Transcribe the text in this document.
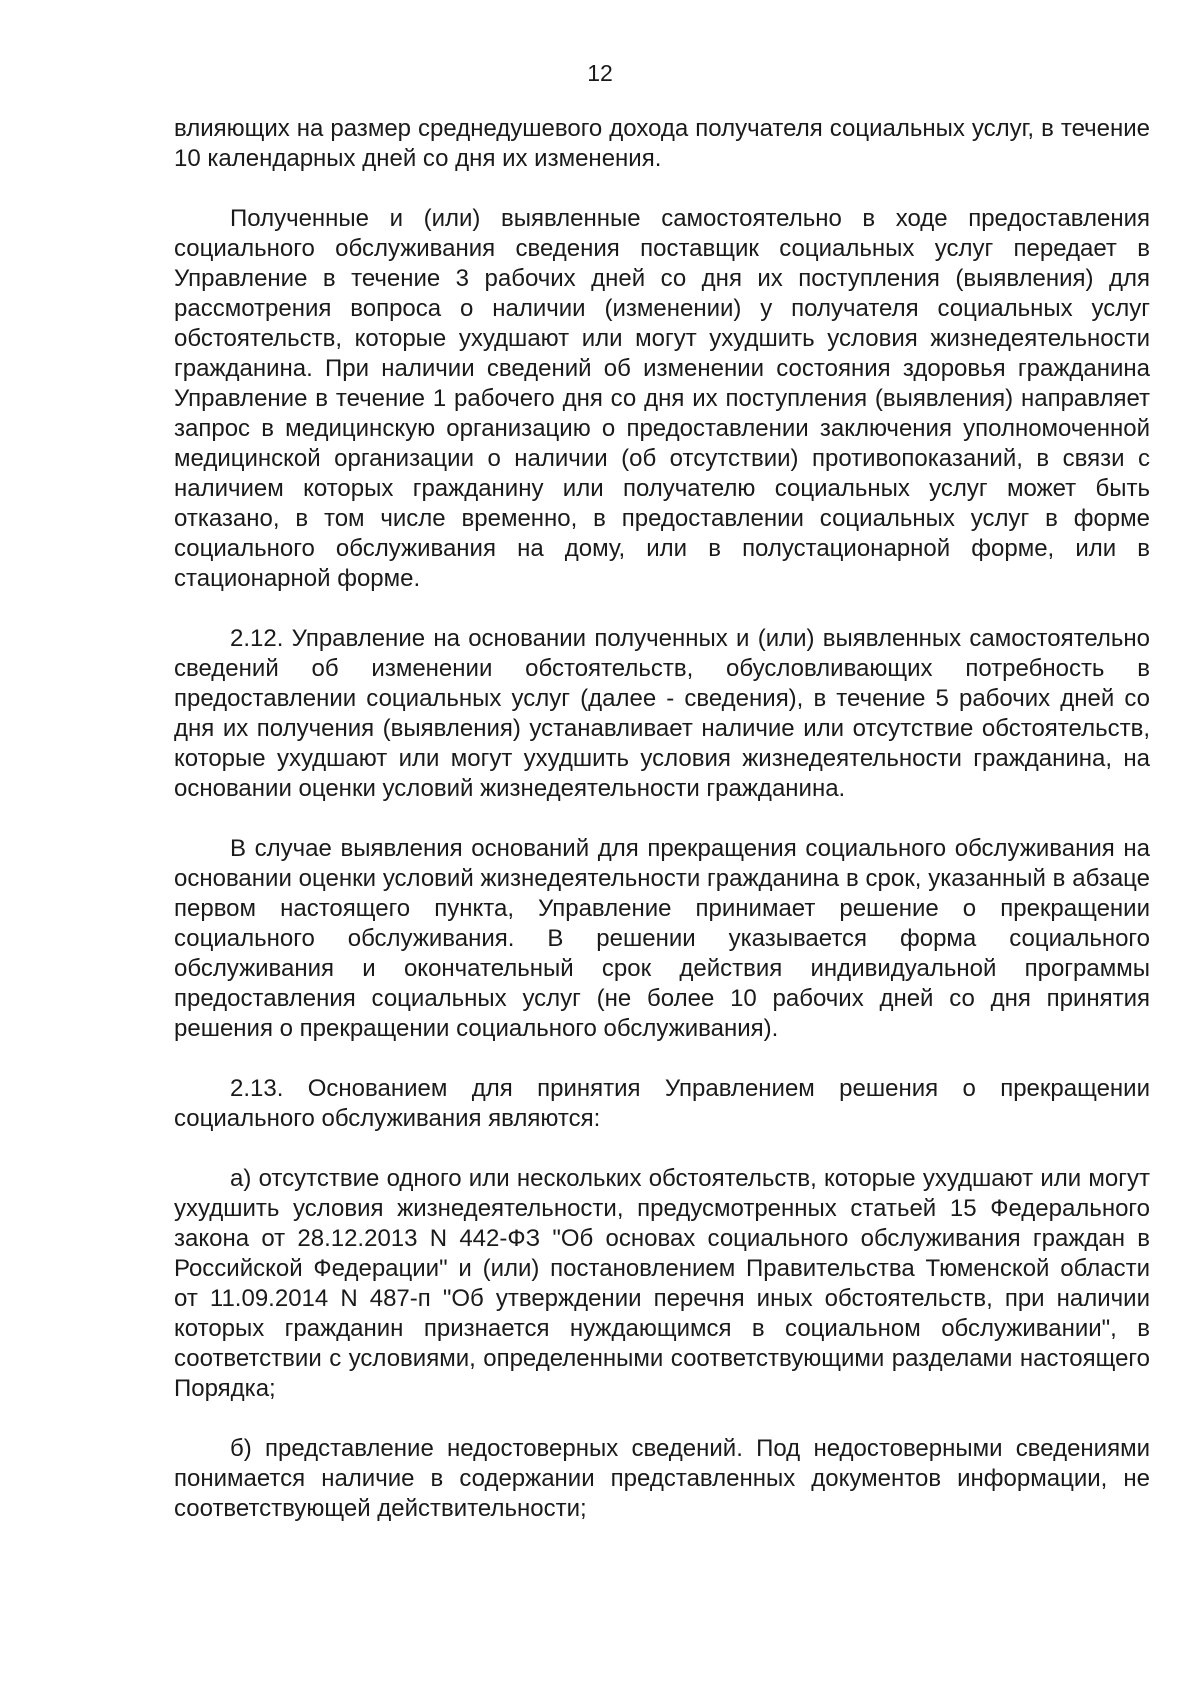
12

влияющих на размер среднедушевого дохода получателя социальных услуг, в течение 10 календарных дней со дня их изменения.

Полученные и (или) выявленные самостоятельно в ходе предоставления социального обслуживания сведения поставщик социальных услуг передает в Управление в течение 3 рабочих дней со дня их поступления (выявления) для рассмотрения вопроса о наличии (изменении) у получателя социальных услуг обстоятельств, которые ухудшают или могут ухудшить условия жизнедеятельности гражданина. При наличии сведений об изменении состояния здоровья гражданина Управление в течение 1 рабочего дня со дня их поступления (выявления) направляет запрос в медицинскую организацию о предоставлении заключения уполномоченной медицинской организации о наличии (об отсутствии) противопоказаний, в связи с наличием которых гражданину или получателю социальных услуг может быть отказано, в том числе временно, в предоставлении социальных услуг в форме социального обслуживания на дому, или в полустационарной форме, или в стационарной форме.

2.12. Управление на основании полученных и (или) выявленных самостоятельно сведений об изменении обстоятельств, обусловливающих потребность в предоставлении социальных услуг (далее - сведения), в течение 5 рабочих дней со дня их получения (выявления) устанавливает наличие или отсутствие обстоятельств, которые ухудшают или могут ухудшить условия жизнедеятельности гражданина, на основании оценки условий жизнедеятельности гражданина.

В случае выявления оснований для прекращения социального обслуживания на основании оценки условий жизнедеятельности гражданина в срок, указанный в абзаце первом настоящего пункта, Управление принимает решение о прекращении социального обслуживания. В решении указывается форма социального обслуживания и окончательный срок действия индивидуальной программы предоставления социальных услуг (не более 10 рабочих дней со дня принятия решения о прекращении социального обслуживания).

2.13. Основанием для принятия Управлением решения о прекращении социального обслуживания являются:

а) отсутствие одного или нескольких обстоятельств, которые ухудшают или могут ухудшить условия жизнедеятельности, предусмотренных статьей 15 Федерального закона от 28.12.2013 N 442-ФЗ "Об основах социального обслуживания граждан в Российской Федерации" и (или) постановлением Правительства Тюменской области от 11.09.2014 N 487-п "Об утверждении перечня иных обстоятельств, при наличии которых гражданин признается нуждающимся в социальном обслуживании", в соответствии с условиями, определенными соответствующими разделами настоящего Порядка;

б) представление недостоверных сведений. Под недостоверными сведениями понимается наличие в содержании представленных документов информации, не соответствующей действительности;
